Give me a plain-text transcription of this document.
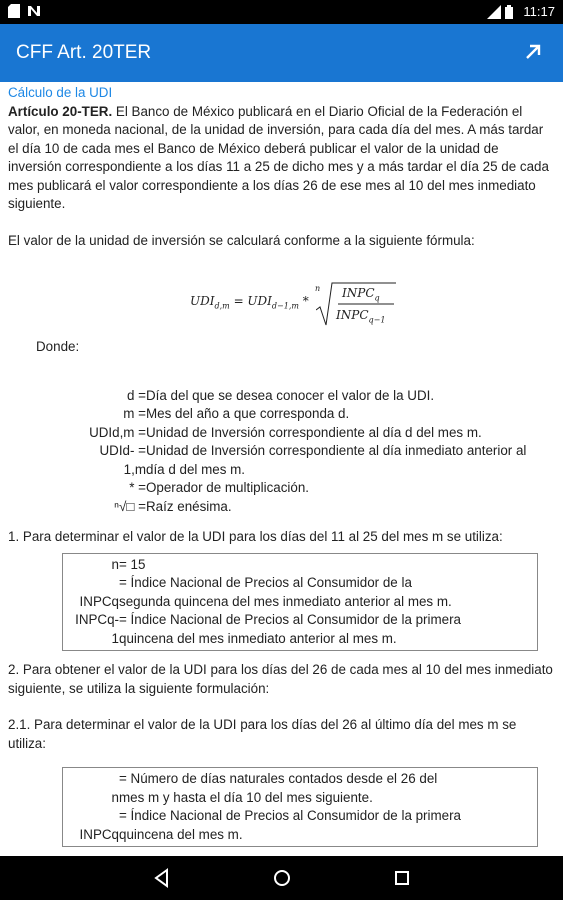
11:17
CFF Art. 20TER

Cálculo de la UDI

Artículo 20-TER. El Banco de México publicará en el Diario Oficial de la Federación el valor, en moneda nacional, de la unidad de inversión, para cada día del mes. A más tardar el día 10 de cada mes el Banco de México deberá publicar el valor de la unidad de inversión correspondiente a los días 11 a 25 de dicho mes y a más tardar el día 25 de cada mes publicará el valor correspondiente a los días 26 de ese mes al 10 del mes inmediato siguiente.

El valor de la unidad de inversión se calculará conforme a la siguiente fórmula:

$UDI_{d,m} = UDI_{d-1,m}$ *
n $INPC_q$
$INPC_{q-1}$

Donde:

d = Día del que se desea conocer el valor de la UDI.
m = Mes del año a que corresponda d.
UDId,m = Unidad de Inversión correspondiente al día d del mes m.
UDId- = Unidad de Inversión correspondiente al día inmediato anterior al
1,m día d del mes m.
* = Operador de multiplicación.
ⁿ√□ = Raíz enésima.

1. Para determinar el valor de la UDI para los días del 11 al 25 del mes m se utiliza:

n = 15
= Índice Nacional de Precios al Consumidor de la
INPCq segunda quincena del mes inmediato anterior al mes m.
INPCq- = Índice Nacional de Precios al Consumidor de la primera
1 quincena del mes inmediato anterior al mes m.

2. Para obtener el valor de la UDI para los días del 26 de cada mes al 10 del mes inmediato siguiente, se utiliza la siguiente formulación:

2.1. Para determinar el valor de la UDI para los días del 26 al último día del mes m se utiliza:

= Número de días naturales contados desde el 26 del
n mes m y hasta el día 10 del mes siguiente.
= Índice Nacional de Precios al Consumidor de la primera
INPCq quincena del mes m.
